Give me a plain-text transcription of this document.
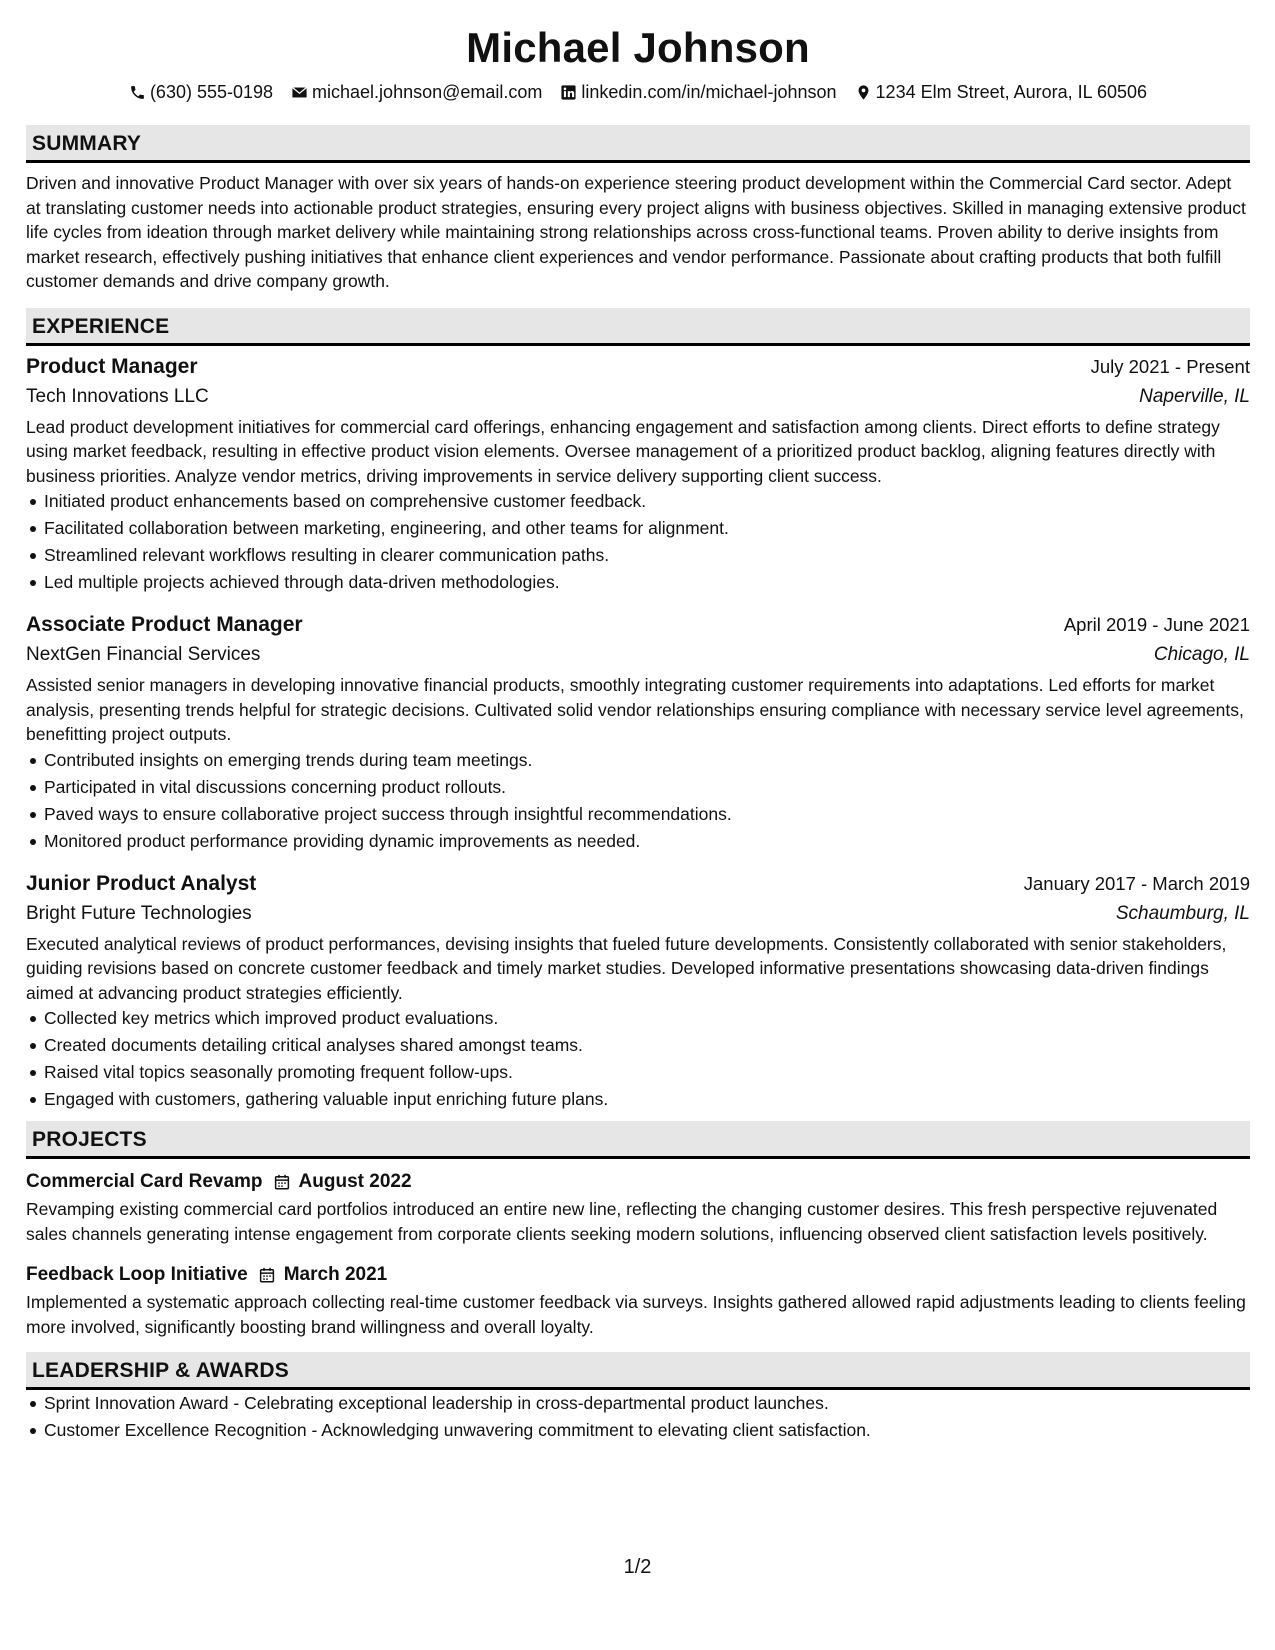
Michael Johnson
(630) 555-0198 michael.johnson@email.com linkedin.com/in/michael-johnson 1234 Elm Street, Aurora, IL 60506
SUMMARY
Driven and innovative Product Manager with over six years of hands-on experience steering product development within the Commercial Card sector. Adept at translating customer needs into actionable product strategies, ensuring every project aligns with business objectives. Skilled in managing extensive product life cycles from ideation through market delivery while maintaining strong relationships across cross-functional teams. Proven ability to derive insights from market research, effectively pushing initiatives that enhance client experiences and vendor performance. Passionate about crafting products that both fulfill customer demands and drive company growth.
EXPERIENCE
Product Manager	July 2021 - Present
Tech Innovations LLC	Naperville, IL
Lead product development initiatives for commercial card offerings, enhancing engagement and satisfaction among clients. Direct efforts to define strategy using market feedback, resulting in effective product vision elements. Oversee management of a prioritized product backlog, aligning features directly with business priorities. Analyze vendor metrics, driving improvements in service delivery supporting client success.
Initiated product enhancements based on comprehensive customer feedback.
Facilitated collaboration between marketing, engineering, and other teams for alignment.
Streamlined relevant workflows resulting in clearer communication paths.
Led multiple projects achieved through data-driven methodologies.
Associate Product Manager	April 2019 - June 2021
NextGen Financial Services	Chicago, IL
Assisted senior managers in developing innovative financial products, smoothly integrating customer requirements into adaptations. Led efforts for market analysis, presenting trends helpful for strategic decisions. Cultivated solid vendor relationships ensuring compliance with necessary service level agreements, benefitting project outputs.
Contributed insights on emerging trends during team meetings.
Participated in vital discussions concerning product rollouts.
Paved ways to ensure collaborative project success through insightful recommendations.
Monitored product performance providing dynamic improvements as needed.
Junior Product Analyst	January 2017 - March 2019
Bright Future Technologies	Schaumburg, IL
Executed analytical reviews of product performances, devising insights that fueled future developments. Consistently collaborated with senior stakeholders, guiding revisions based on concrete customer feedback and timely market studies. Developed informative presentations showcasing data-driven findings aimed at advancing product strategies efficiently.
Collected key metrics which improved product evaluations.
Created documents detailing critical analyses shared amongst teams.
Raised vital topics seasonally promoting frequent follow-ups.
Engaged with customers, gathering valuable input enriching future plans.
PROJECTS
Commercial Card Revamp August 2022
Revamping existing commercial card portfolios introduced an entire new line, reflecting the changing customer desires. This fresh perspective rejuvenated sales channels generating intense engagement from corporate clients seeking modern solutions, influencing observed client satisfaction levels positively.
Feedback Loop Initiative March 2021
Implemented a systematic approach collecting real-time customer feedback via surveys. Insights gathered allowed rapid adjustments leading to clients feeling more involved, significantly boosting brand willingness and overall loyalty.
LEADERSHIP & AWARDS
Sprint Innovation Award - Celebrating exceptional leadership in cross-departmental product launches.
Customer Excellence Recognition - Acknowledging unwavering commitment to elevating client satisfaction.
1/2
